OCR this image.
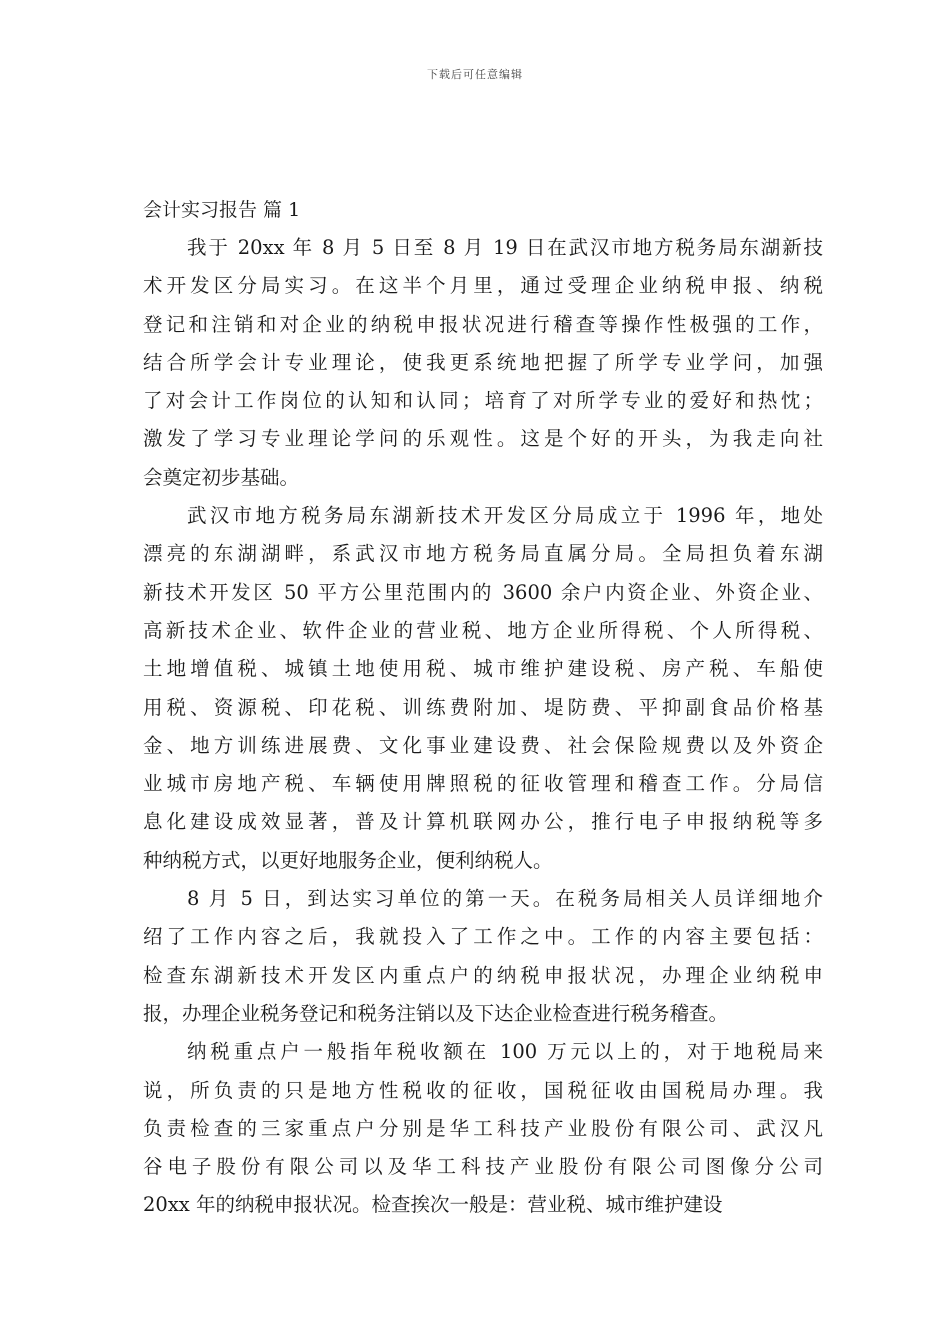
下载后可任意编辑
会计实习报告 篇 1
我于 20xx 年 8 月 5 日至 8 月 19 日在武汉市地方税务局东湖新技
术开发区分局实习。在这半个月里，通过受理企业纳税申报、纳税
登记和注销和对企业的纳税申报状况进行稽查等操作性极强的工作，
结合所学会计专业理论，使我更系统地把握了所学专业学问，加强
了对会计工作岗位的认知和认同；培育了对所学专业的爱好和热忱；
激发了学习专业理论学问的乐观性。这是个好的开头，为我走向社
会奠定初步基础。
武汉市地方税务局东湖新技术开发区分局成立于 1996 年，地处
漂亮的东湖湖畔，系武汉市地方税务局直属分局。全局担负着东湖
新技术开发区 50 平方公里范围内的 3600 余户内资企业、外资企业、
高新技术企业、软件企业的营业税、地方企业所得税、个人所得税、
土地增值税、城镇土地使用税、城市维护建设税、房产税、车船使
用税、资源税、印花税、训练费附加、堤防费、平抑副食品价格基
金、地方训练进展费、文化事业建设费、社会保险规费以及外资企
业城市房地产税、车辆使用牌照税的征收管理和稽查工作。分局信
息化建设成效显著，普及计算机联网办公，推行电子申报纳税等多
种纳税方式，以更好地服务企业，便利纳税人。
8 月 5 日，到达实习单位的第一天。在税务局相关人员详细地介
绍了工作内容之后，我就投入了工作之中。工作的内容主要包括：
检查东湖新技术开发区内重点户的纳税申报状况，办理企业纳税申
报，办理企业税务登记和税务注销以及下达企业检查进行税务稽查。
纳税重点户一般指年税收额在 100 万元以上的，对于地税局来
说，所负责的只是地方性税收的征收，国税征收由国税局办理。我
负责检查的三家重点户分别是华工科技产业股份有限公司、武汉凡
谷电子股份有限公司以及华工科技产业股份有限公司图像分公司
20xx 年的纳税申报状况。检查挨次一般是：营业税、城市维护建设
